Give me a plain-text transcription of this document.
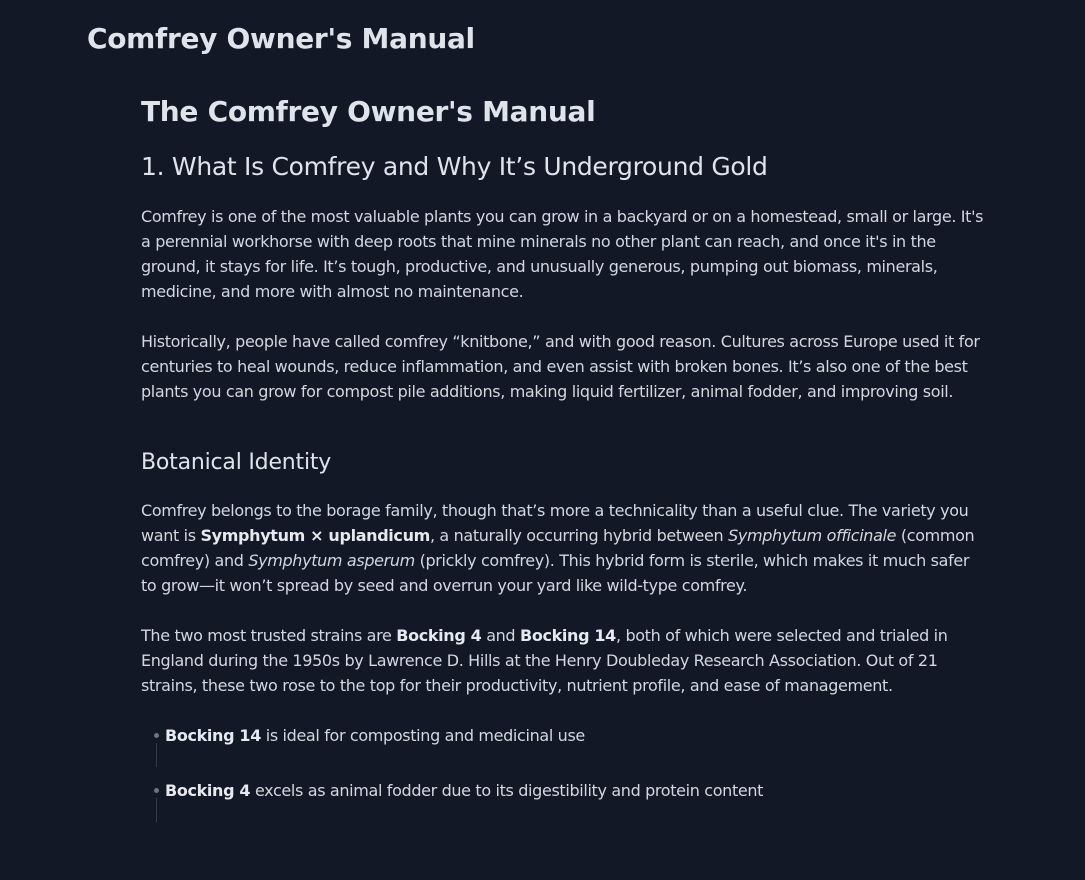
Comfrey Owner's Manual
The Comfrey Owner's Manual
1. What Is Comfrey and Why It’s Underground Gold

Comfrey is one of the most valuable plants you can grow in a backyard or on a homestead, small or large. It's a perennial workhorse with deep roots that mine minerals no other plant can reach, and once it's in the ground, it stays for life. It’s tough, productive, and unusually generous, pumping out biomass, minerals, medicine, and more with almost no maintenance.

Historically, people have called comfrey “knitbone,” and with good reason. Cultures across Europe used it for centuries to heal wounds, reduce inflammation, and even assist with broken bones. It’s also one of the best plants you can grow for compost pile additions, making liquid fertilizer, animal fodder, and improving soil.

Botanical Identity

Comfrey belongs to the borage family, though that’s more a technicality than a useful clue. The variety you want is Symphytum × uplandicum, a naturally occurring hybrid between Symphytum officinale (common comfrey) and Symphytum asperum (prickly comfrey). This hybrid form is sterile, which makes it much safer to grow—it won’t spread by seed and overrun your yard like wild-type comfrey.

The two most trusted strains are Bocking 4 and Bocking 14, both of which were selected and trialed in England during the 1950s by Lawrence D. Hills at the Henry Doubleday Research Association. Out of 21 strains, these two rose to the top for their productivity, nutrient profile, and ease of management.

Bocking 14 is ideal for composting and medicinal use
Bocking 4 excels as animal fodder due to its digestibility and protein content
